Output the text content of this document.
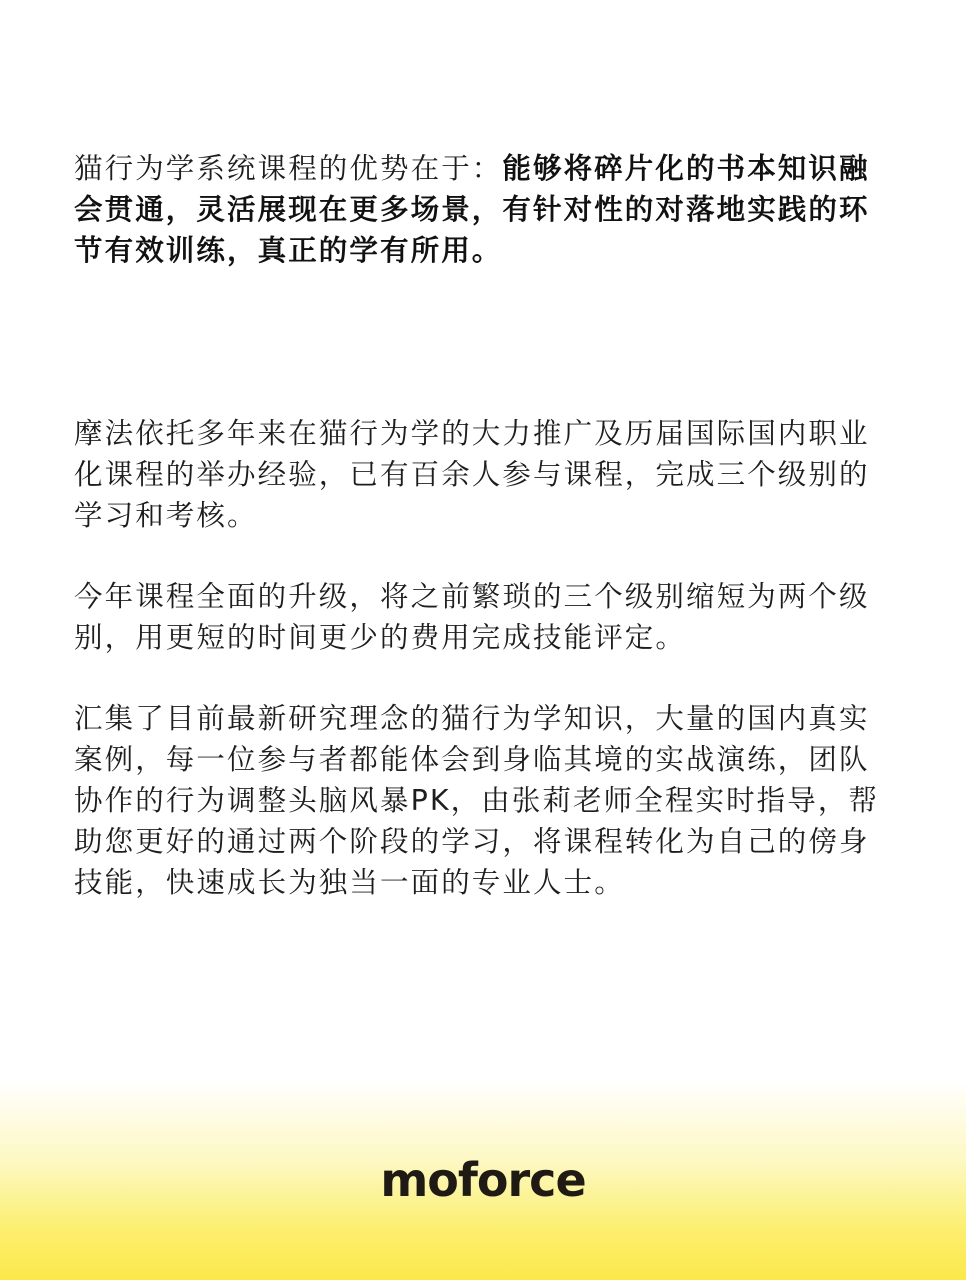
猫行为学系统课程的优势在于：能够将碎片化的书本知识融会贯通，灵活展现在更多场景，有针对性的对落地实践的环节有效训练，真正的学有所用。

摩法依托多年来在猫行为学的大力推广及历届国际国内职业化课程的举办经验，已有百余人参与课程，完成三个级别的学习和考核。

今年课程全面的升级，将之前繁琐的三个级别缩短为两个级别，用更短的时间更少的费用完成技能评定。

汇集了目前最新研究理念的猫行为学知识，大量的国内真实案例，每一位参与者都能体会到身临其境的实战演练，团队协作的行为调整头脑风暴PK，由张莉老师全程实时指导，帮助您更好的通过两个阶段的学习，将课程转化为自己的傍身技能，快速成长为独当一面的专业人士。

moforce
